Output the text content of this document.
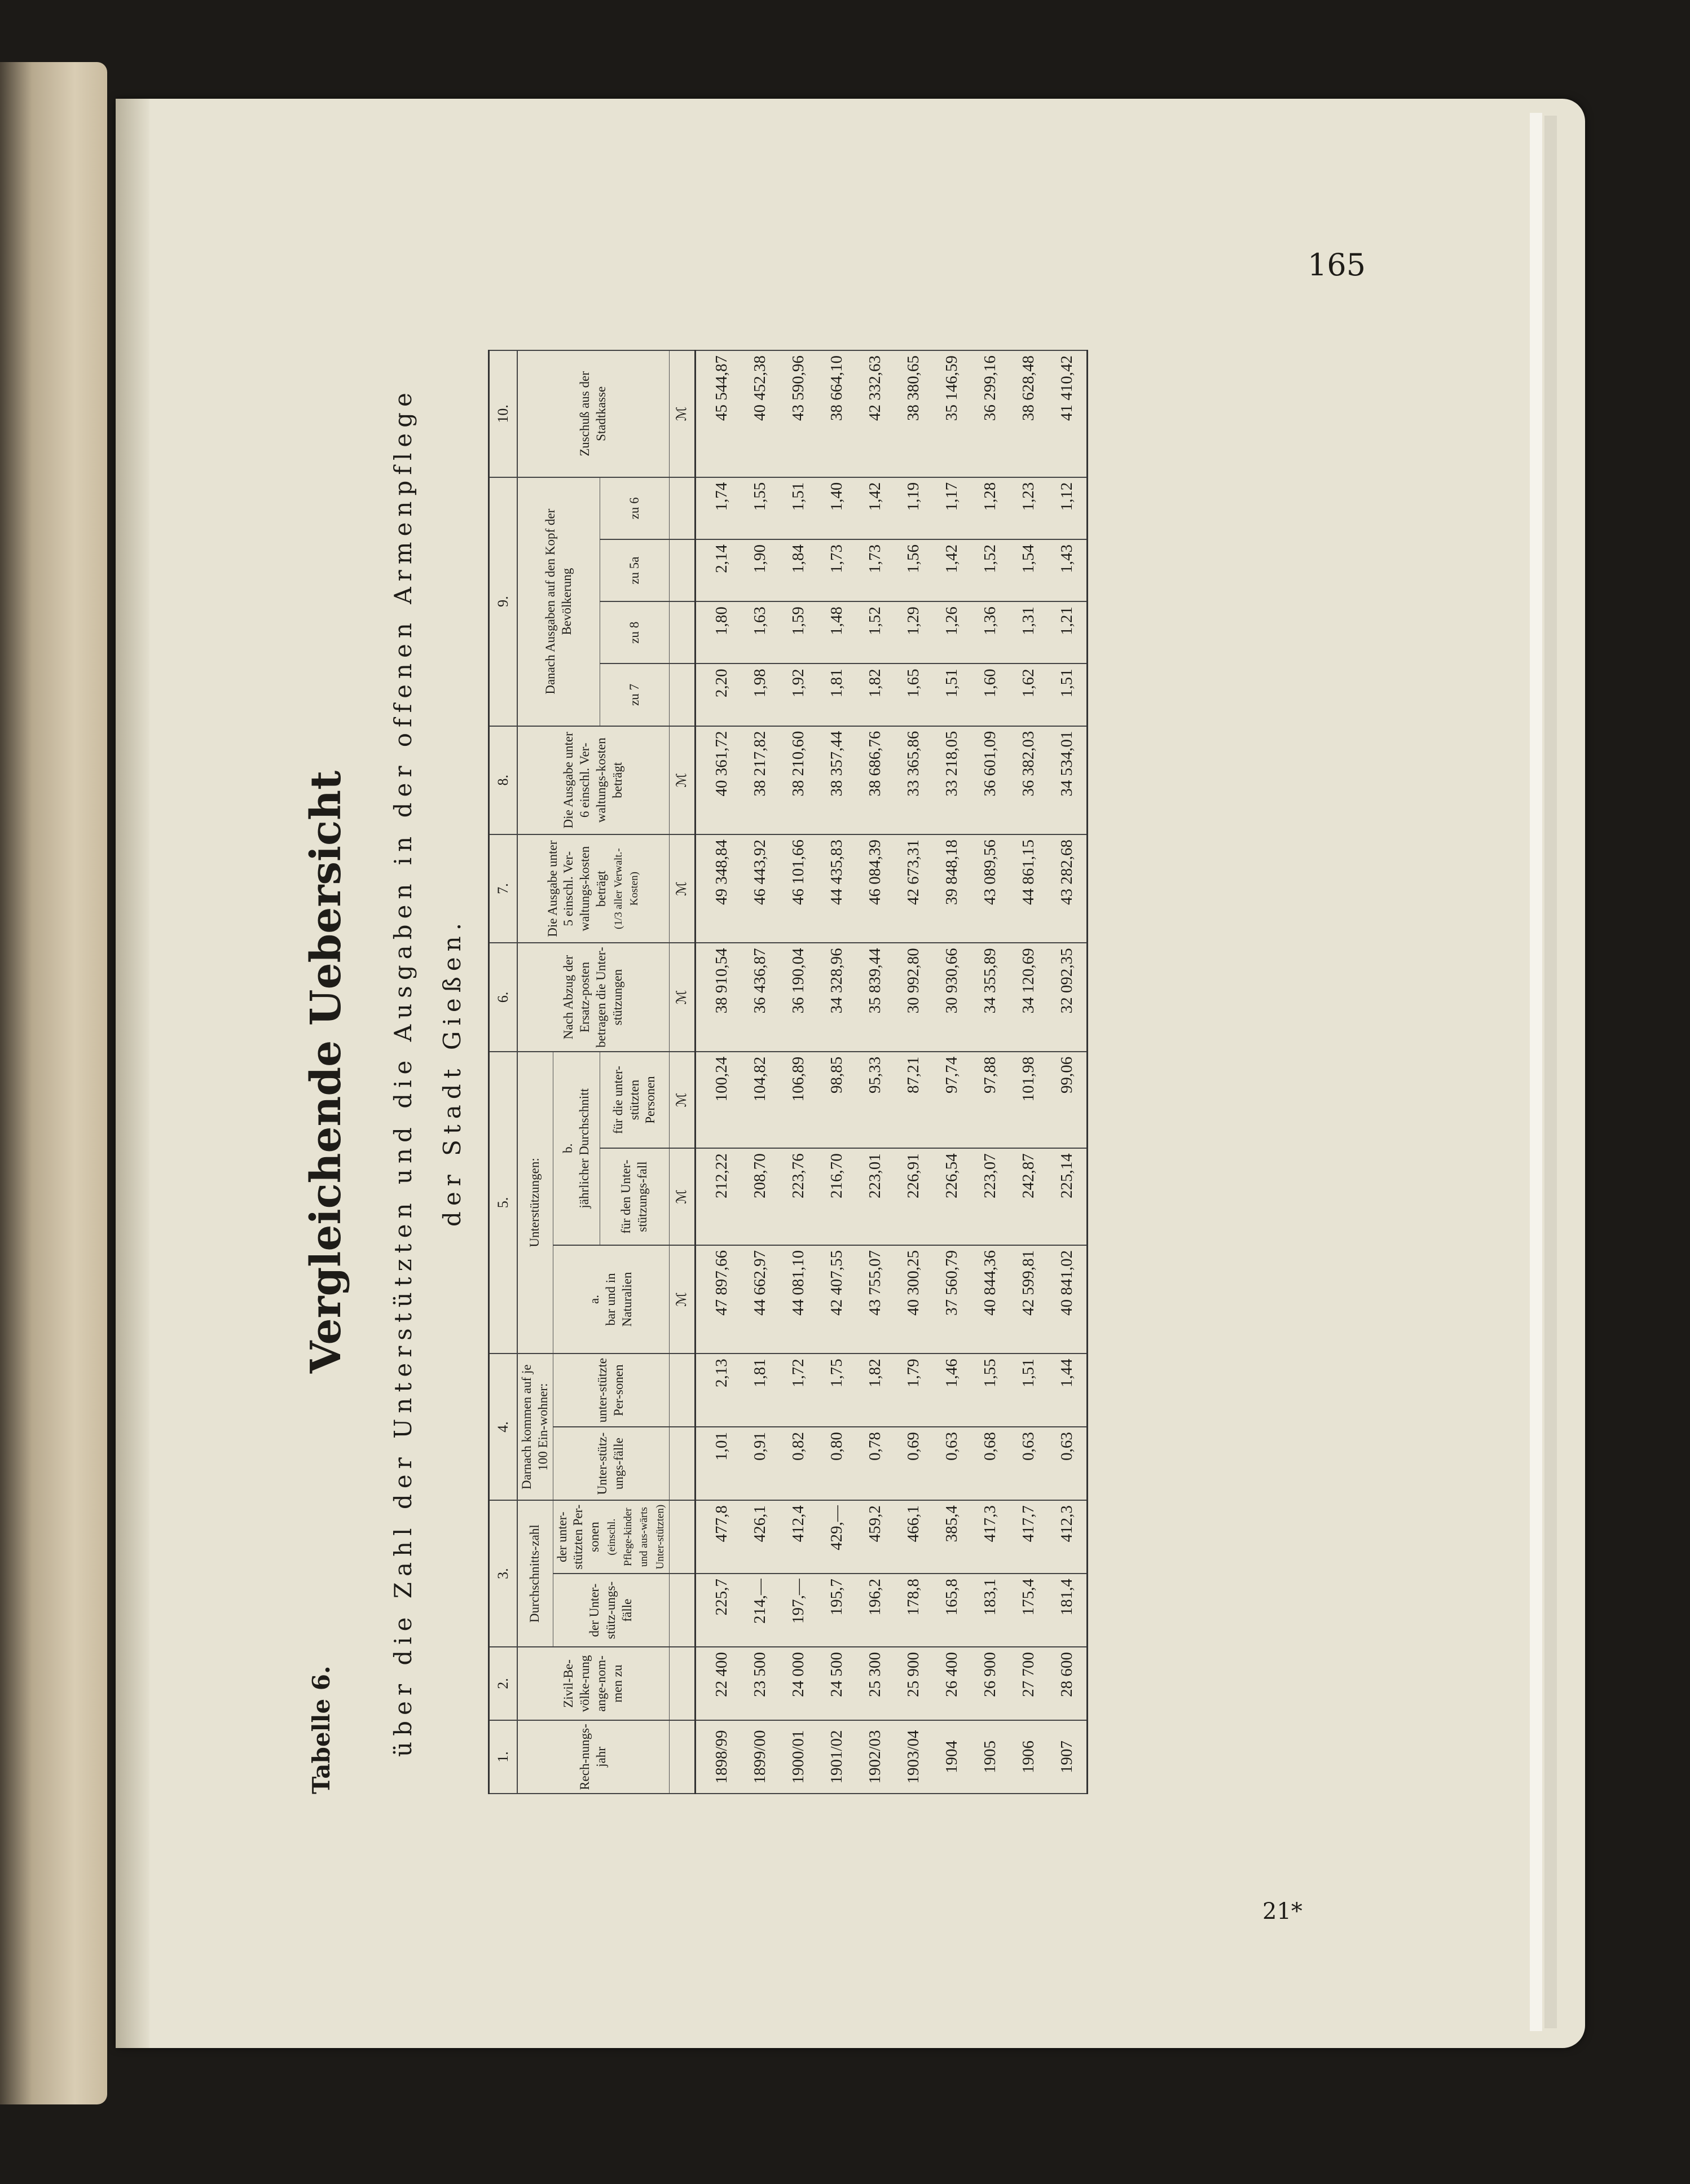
165
21*
Tabelle 6.
Vergleichende Uebersicht über die Zahl der Unterstützten und die Ausgaben in der offenen Armenpflege der Stadt Gießen.
1.	2.	3.		4.		5.			6.	7.	8.	9.				10.
Rech-nungs-jahr	Zivil-Be-völke-rung ange-nom-men zu	Durchschnitts-zahl		Darnach kommen auf je 100 Ein-wohner:		Unterstützungen:			Nach Abzug der Ersatz-posten betragen die Unter-stützungen	Die Ausgabe unter 5 einschl. Ver-waltungs-kosten beträgt (1/3 aller Verwalt.-Kosten)	Die Ausgabe unter 6 einschl. Ver-waltungs-kosten beträgt	Danach Ausgaben auf den Kopf der Bevölkerung				Zuschuß aus der Stadtkasse
		der Unter-stütz-ungs-fälle	der unter-stützten Per-sonen (einschl. Pflege-kinder und aus-wärts Unter-stützten)	Unter-stütz-ungs-fälle	unter-stützte Per-sonen	a. bar und in Naturalien	b. jährlicher Durchschnitt									
							für den Unter-stützungs-fall	für die unter-stützten Personen				zu 7	zu 8	zu 5a	zu 6	
						ℳ	ℳ	ℳ	ℳ	ℳ	ℳ					ℳ
1898/99	22 400	225,7	477,8	1,01	2,13	47 897,66	212,22	100,24	38 910,54	49 348,84	40 361,72	2,20	1,80	2,14	1,74	45 544,87
1899/00	23 500	214,—	426,1	0,91	1,81	44 662,97	208,70	104,82	36 436,87	46 443,92	38 217,82	1,98	1,63	1,90	1,55	40 452,38
1900/01	24 000	197,—	412,4	0,82	1,72	44 081,10	223,76	106,89	36 190,04	46 101,66	38 210,60	1,92	1,59	1,84	1,51	43 590,96
1901/02	24 500	195,7	429,—	0,80	1,75	42 407,55	216,70	98,85	34 328,96	44 435,83	38 357,44	1,81	1,48	1,73	1,40	38 664,10
1902/03	25 300	196,2	459,2	0,78	1,82	43 755,07	223,01	95,33	35 839,44	46 084,39	38 686,76	1,82	1,52	1,73	1,42	42 332,63
1903/04	25 900	178,8	466,1	0,69	1,79	40 300,25	226,91	87,21	30 992,80	42 673,31	33 365,86	1,65	1,29	1,56	1,19	38 380,65
1904	26 400	165,8	385,4	0,63	1,46	37 560,79	226,54	97,74	30 930,66	39 848,18	33 218,05	1,51	1,26	1,42	1,17	35 146,59
1905	26 900	183,1	417,3	0,68	1,55	40 844,36	223,07	97,88	34 355,89	43 089,56	36 601,09	1,60	1,36	1,52	1,28	36 299,16
1906	27 700	175,4	417,7	0,63	1,51	42 599,81	242,87	101,98	34 120,69	44 861,15	36 382,03	1,62	1,31	1,54	1,23	38 628,48
1907	28 600	181,4	412,3	0,63	1,44	40 841,02	225,14	99,06	32 092,35	43 282,68	34 534,01	1,51	1,21	1,43	1,12	41 410,42
